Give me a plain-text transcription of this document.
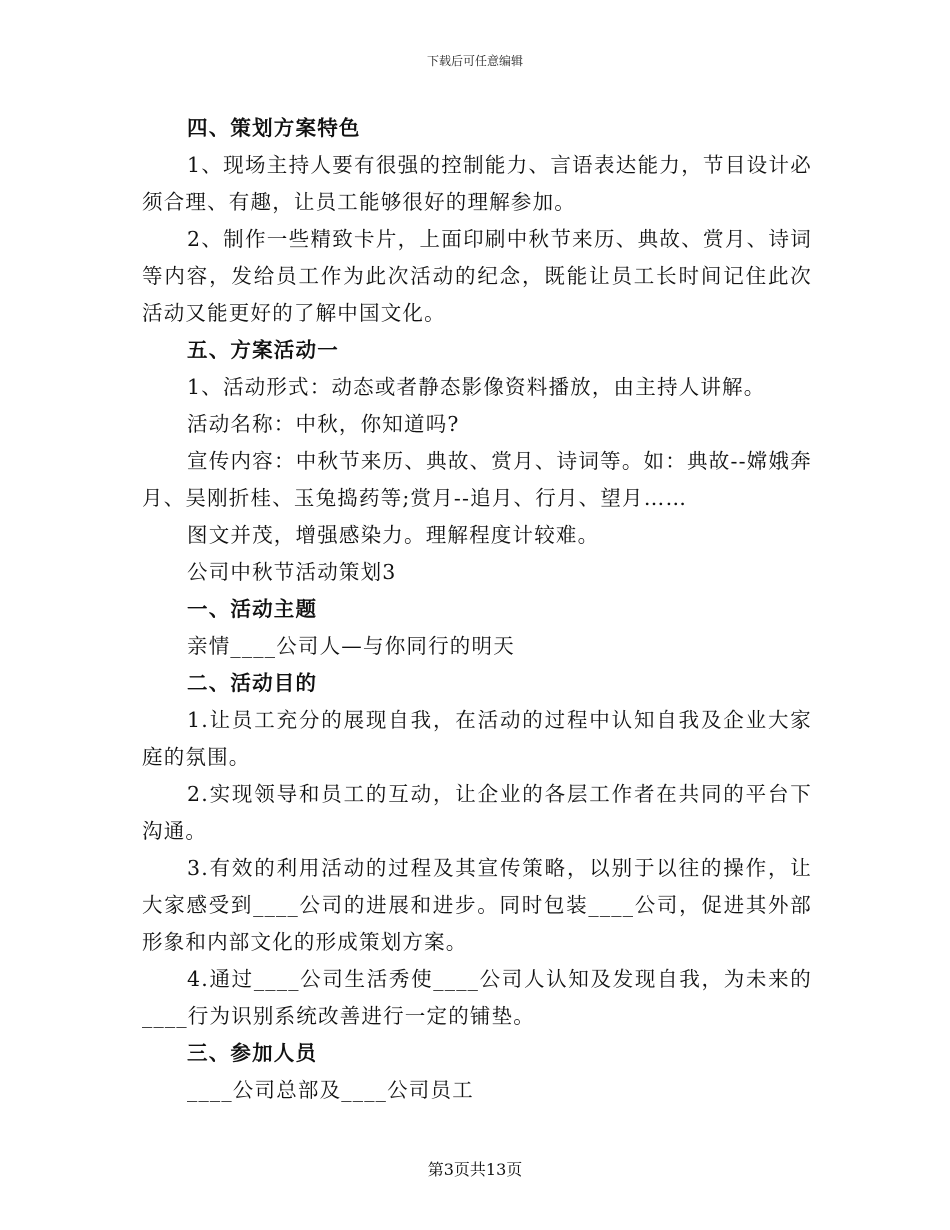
下载后可任意编辑

四、策划方案特色

1、现场主持人要有很强的控制能力、言语表达能力，节目设计必须合理、有趣，让员工能够很好的理解参加。

2、制作一些精致卡片，上面印刷中秋节来历、典故、赏月、诗词等内容，发给员工作为此次活动的纪念，既能让员工长时间记住此次活动又能更好的了解中国文化。

五、方案活动一

1、活动形式：动态或者静态影像资料播放，由主持人讲解。

活动名称：中秋，你知道吗?

宣传内容：中秋节来历、典故、赏月、诗词等。如：典故--嫦娥奔月、吴刚折桂、玉兔捣药等;赏月--追月、行月、望月……

图文并茂，增强感染力。理解程度计较难。

公司中秋节活动策划3

一、活动主题

亲情____公司人—与你同行的明天

二、活动目的

1.让员工充分的展现自我，在活动的过程中认知自我及企业大家庭的氛围。

2.实现领导和员工的互动，让企业的各层工作者在共同的平台下沟通。

3.有效的利用活动的过程及其宣传策略，以别于以往的操作，让大家感受到____公司的进展和进步。同时包装____公司，促进其外部形象和内部文化的形成策划方案。

4.通过____公司生活秀使____公司人认知及发现自我，为未来的____行为识别系统改善进行一定的铺垫。

三、参加人员

____公司总部及____公司员工

第3页共13页
